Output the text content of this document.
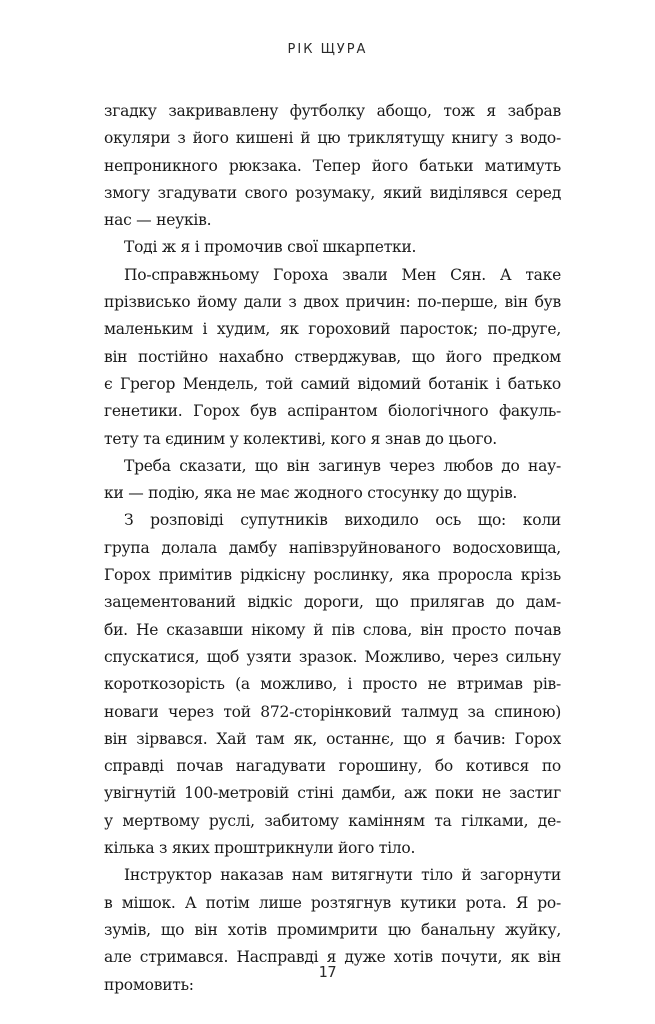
РІК ЩУРА
згадку закривавлену футболку абощо, тож я забрав
окуляри з його кишені й цю триклятущу книгу з водо-
непроникного рюкзака. Тепер його батьки матимуть
змогу згадувати свого розумаку, який виділявся серед
нас — неуків.
Тоді ж я і промочив свої шкарпетки.
По-справжньому Гороха звали Мен Сян. А таке
прізвисько йому дали з двох причин: по-перше, він був
маленьким і худим, як гороховий паросток; по-друге,
він постійно нахабно стверджував, що його предком
є Грегор Мендель, той самий відомий ботанік і батько
генетики. Горох був аспірантом біологічного факуль-
тету та єдиним у колективі, кого я знав до цього.
Треба сказати, що він загинув через любов до нау-
ки — подію, яка не має жодного стосунку до щурів.
З розповіді супутників виходило ось що: коли
група долала дамбу напівзруйнованого водосховища,
Горох примітив рідкісну рослинку, яка проросла крізь
зацементований відкіс дороги, що прилягав до дам-
би. Не сказавши нікому й пів слова, він просто почав
спускатися, щоб узяти зразок. Можливо, через сильну
короткозорість (а можливо, і просто не втримав рів-
новаги через той 872-сторінковий талмуд за спиною)
він зірвався. Хай там як, останнє, що я бачив: Горох
справді почав нагадувати горошину, бо котився по
увігнутій 100-метровій стіні дамби, аж поки не застиг
у мертвому руслі, забитому камінням та гілками, де-
кілька з яких проштрикнули його тіло.
Інструктор наказав нам витягнути тіло й загорнути
в мішок. А потім лише розтягнув кутики рота. Я ро-
зумів, що він хотів промимрити цю банальну жуйку,
але стримався. Насправді я дуже хотів почути, як він
промовить:
17
